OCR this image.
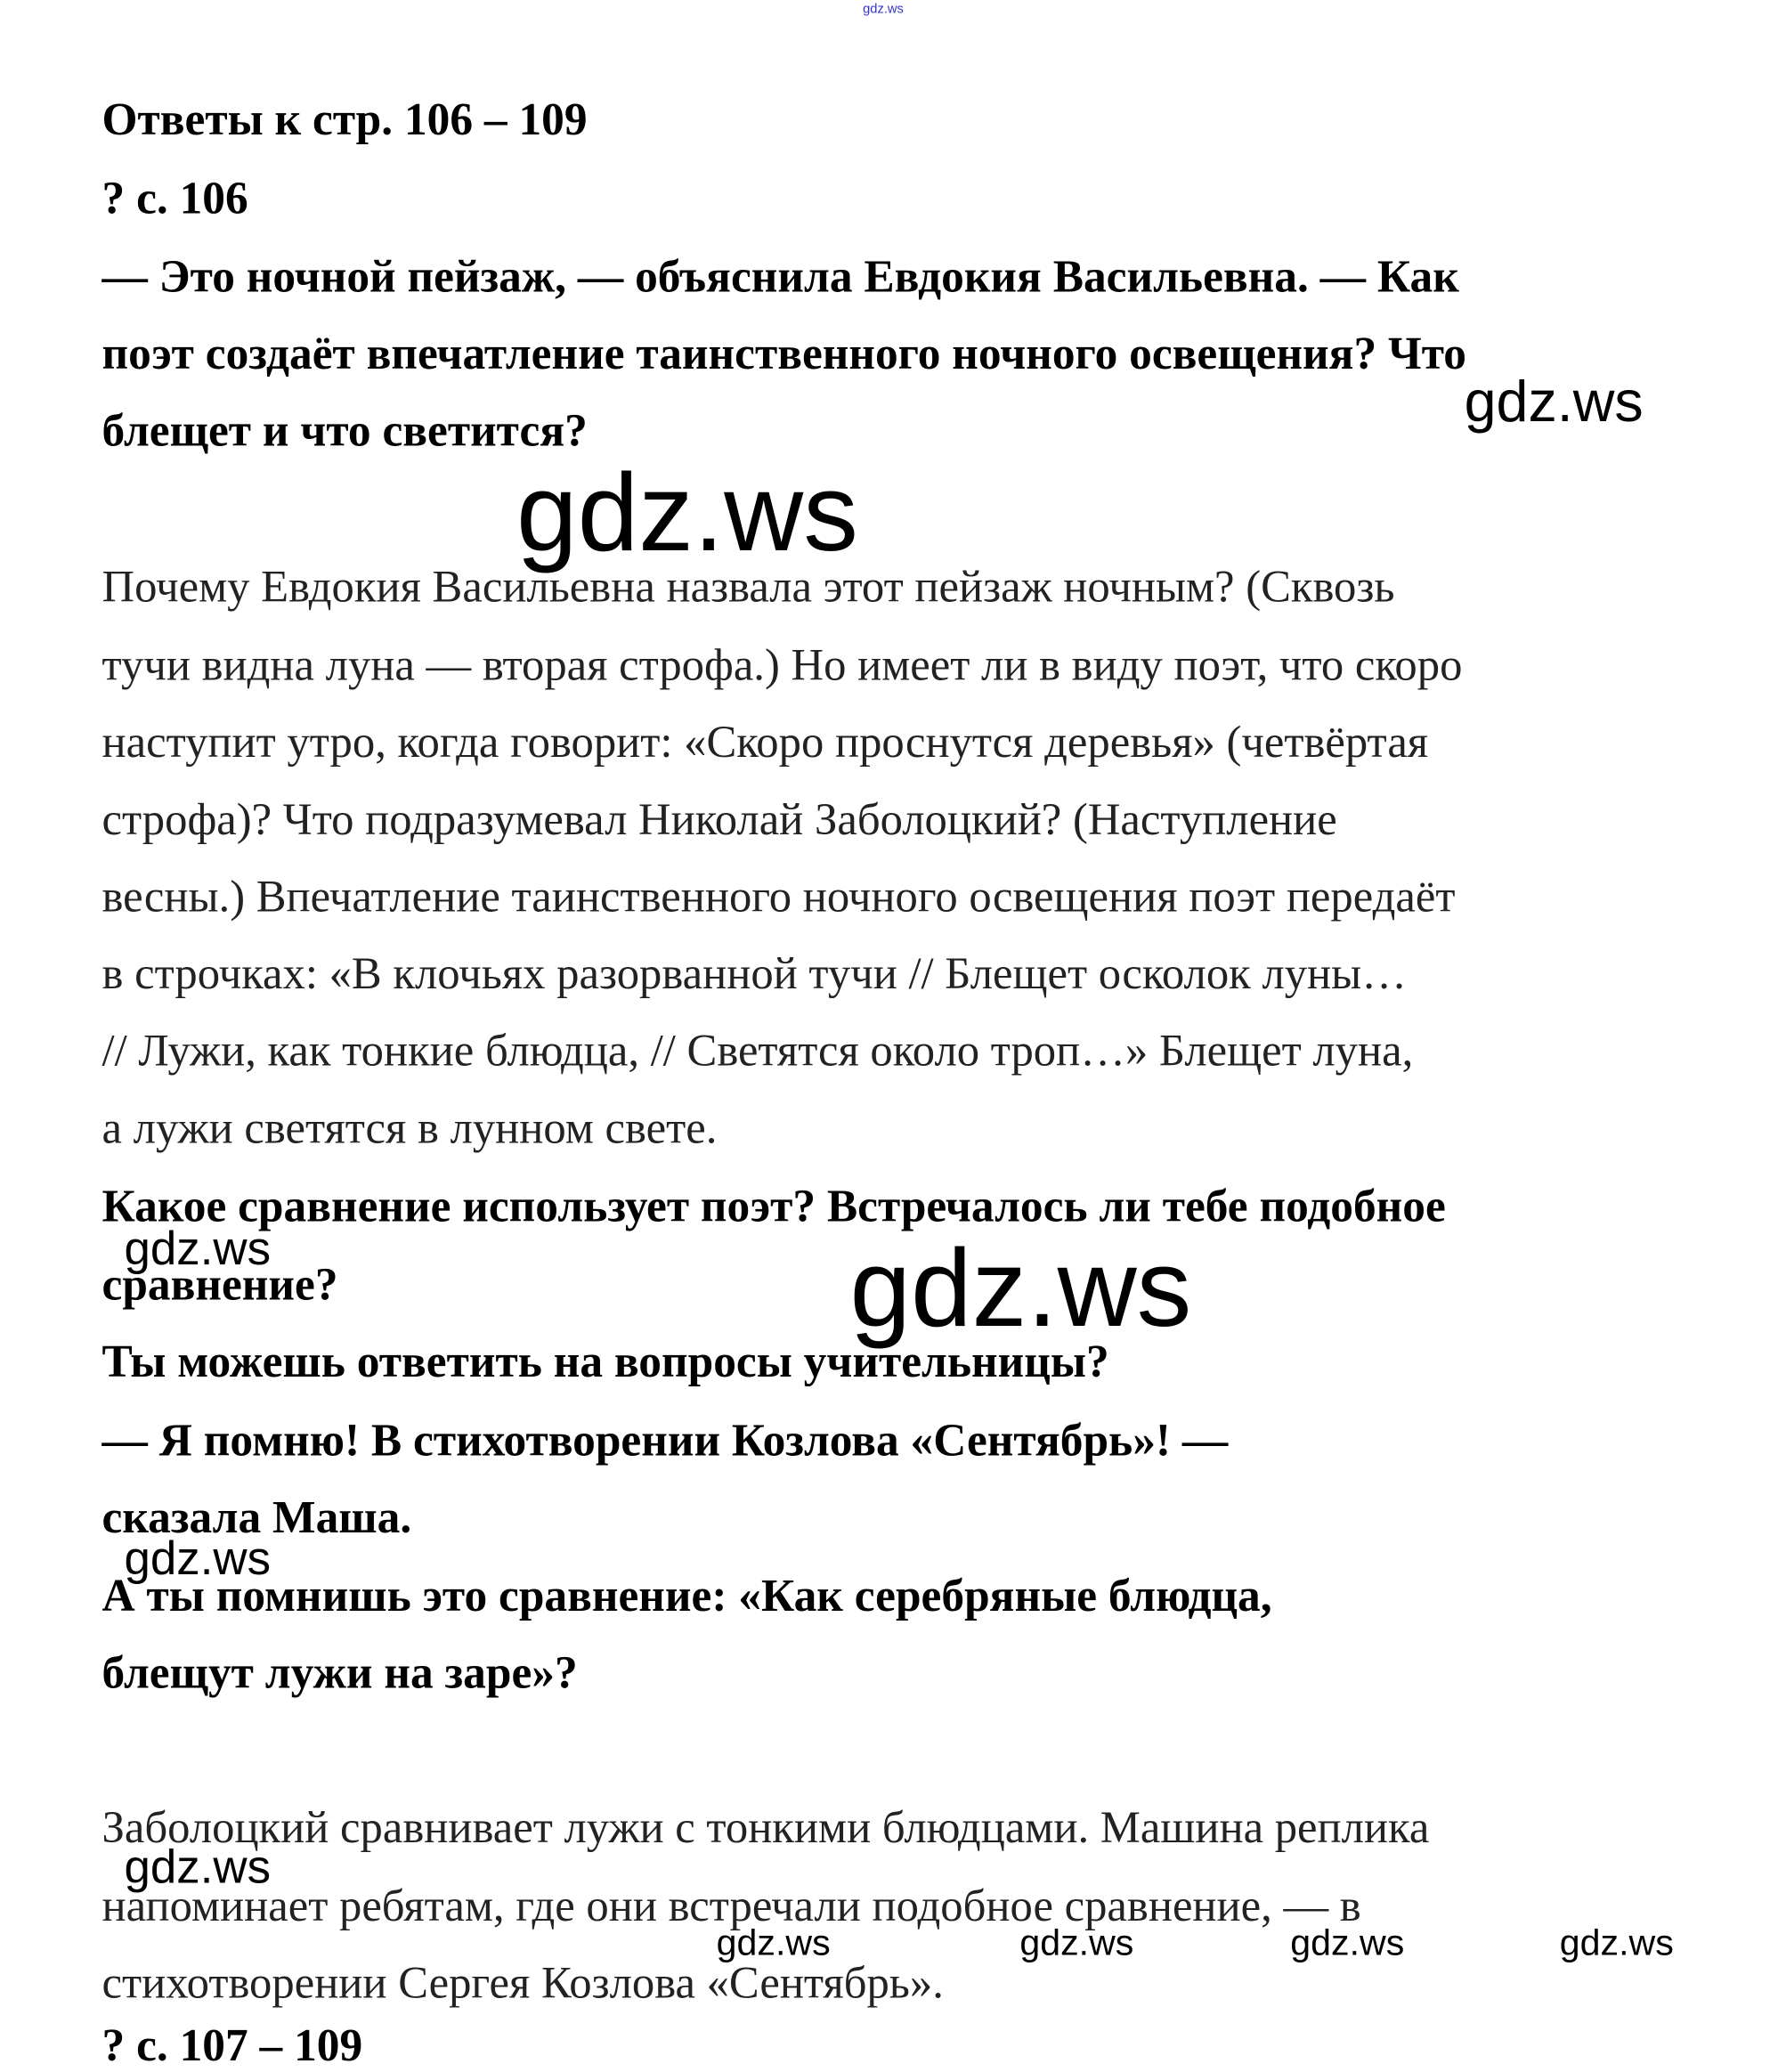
gdz.ws
Ответы к стр. 106 – 109
? с. 106
— Это ночной пейзаж, — объяснила Евдокия Васильевна. — Как
поэт создаёт впечатление таинственного ночного освещения? Что
блещет и что светится?
Почему Евдокия Васильевна назвала этот пейзаж ночным? (Сквозь
тучи видна луна — вторая строфа.) Но имеет ли в виду поэт, что скоро
наступит утро, когда говорит: «Скоро проснутся деревья» (четвёртая
строфа)? Что подразумевал Николай Заболоцкий? (Наступление
весны.) Впечатление таинственного ночного освещения поэт передаёт
в строчках: «В клочьях разорванной тучи // Блещет осколок луны…
// Лужи, как тонкие блюдца, // Светятся около троп…» Блещет луна,
а лужи светятся в лунном свете.
Какое сравнение использует поэт? Встречалось ли тебе подобное
сравнение?
Ты можешь ответить на вопросы учительницы?
— Я помню! В стихотворении Козлова «Сентябрь»! —
сказала Маша.
А ты помнишь это сравнение: «Как серебряные блюдца,
блещут лужи на заре»?
Заболоцкий сравнивает лужи с тонкими блюдцами. Машина реплика
напоминает ребятам, где они встречали подобное сравнение, — в
стихотворении Сергея Козлова «Сентябрь».
? с. 107 – 109
gdz.ws
gdz.ws
gdz.ws	gdz.ws
gdz.ws
gdz.ws
gdz.ws	gdz.ws	gdz.ws	gdz.ws
